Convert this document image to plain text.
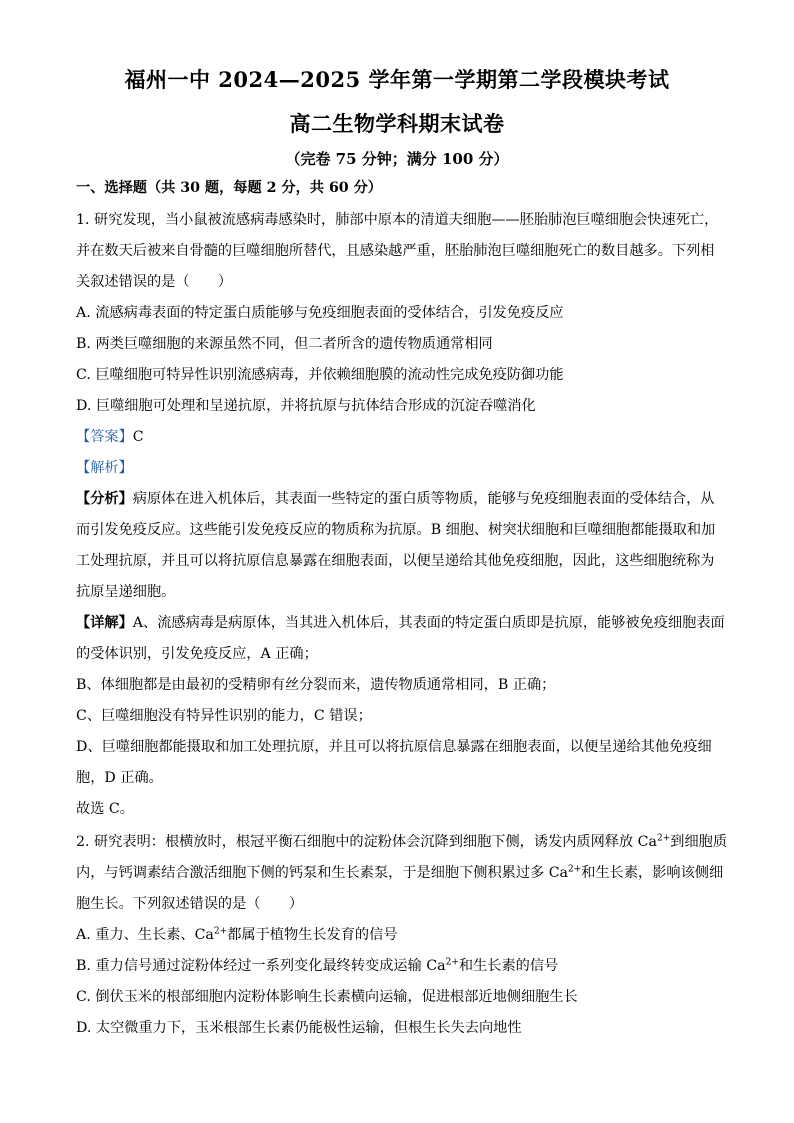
福州一中 2024—2025 学年第一学期第二学段模块考试
高二生物学科期末试卷
（完卷 75 分钟；满分 100 分）
一、选择题（共 30 题，每题 2 分，共 60 分）
1. 研究发现，当小鼠被流感病毒感染时，肺部中原本的清道夫细胞——胚胎肺泡巨噬细胞会快速死亡，
并在数天后被来自骨髓的巨噬细胞所替代，且感染越严重，胚胎肺泡巨噬细胞死亡的数目越多。下列相
关叙述错误的是（　　）
A. 流感病毒表面的特定蛋白质能够与免疫细胞表面的受体结合，引发免疫反应
B. 两类巨噬细胞的来源虽然不同，但二者所含的遗传物质通常相同
C. 巨噬细胞可特异性识别流感病毒，并依赖细胞膜的流动性完成免疫防御功能
D. 巨噬细胞可处理和呈递抗原，并将抗原与抗体结合形成的沉淀吞噬消化
【答案】C
【解析】
【分析】病原体在进入机体后，其表面一些特定的蛋白质等物质，能够与免疫细胞表面的受体结合，从
而引发免疫反应。这些能引发免疫反应的物质称为抗原。B 细胞、树突状细胞和巨噬细胞都能摄取和加
工处理抗原，并且可以将抗原信息暴露在细胞表面，以便呈递给其他免疫细胞，因此，这些细胞统称为
抗原呈递细胞。
【详解】A、流感病毒是病原体，当其进入机体后，其表面的特定蛋白质即是抗原，能够被免疫细胞表面
的受体识别，引发免疫反应，A 正确；
B、体细胞都是由最初的受精卵有丝分裂而来，遗传物质通常相同，B 正确；
C、巨噬细胞没有特异性识别的能力，C 错误；
D、巨噬细胞都能摄取和加工处理抗原，并且可以将抗原信息暴露在细胞表面，以便呈递给其他免疫细
胞，D 正确。
故选 C。
2. 研究表明：根横放时，根冠平衡石细胞中的淀粉体会沉降到细胞下侧，诱发内质网释放 $Ca^{2+}$到细胞质
内，与钙调素结合激活细胞下侧的钙泵和生长素泵，于是细胞下侧积累过多 $Ca^{2+}$和生长素，影响该侧细
胞生长。下列叙述错误的是（　　）
A. 重力、生长素、$Ca^{2+}$都属于植物生长发育的信号
B. 重力信号通过淀粉体经过一系列变化最终转变成运输 $Ca^{2+}$和生长素的信号
C. 倒伏玉米的根部细胞内淀粉体影响生长素横向运输，促进根部近地侧细胞生长
D. 太空微重力下，玉米根部生长素仍能极性运输，但根生长失去向地性
